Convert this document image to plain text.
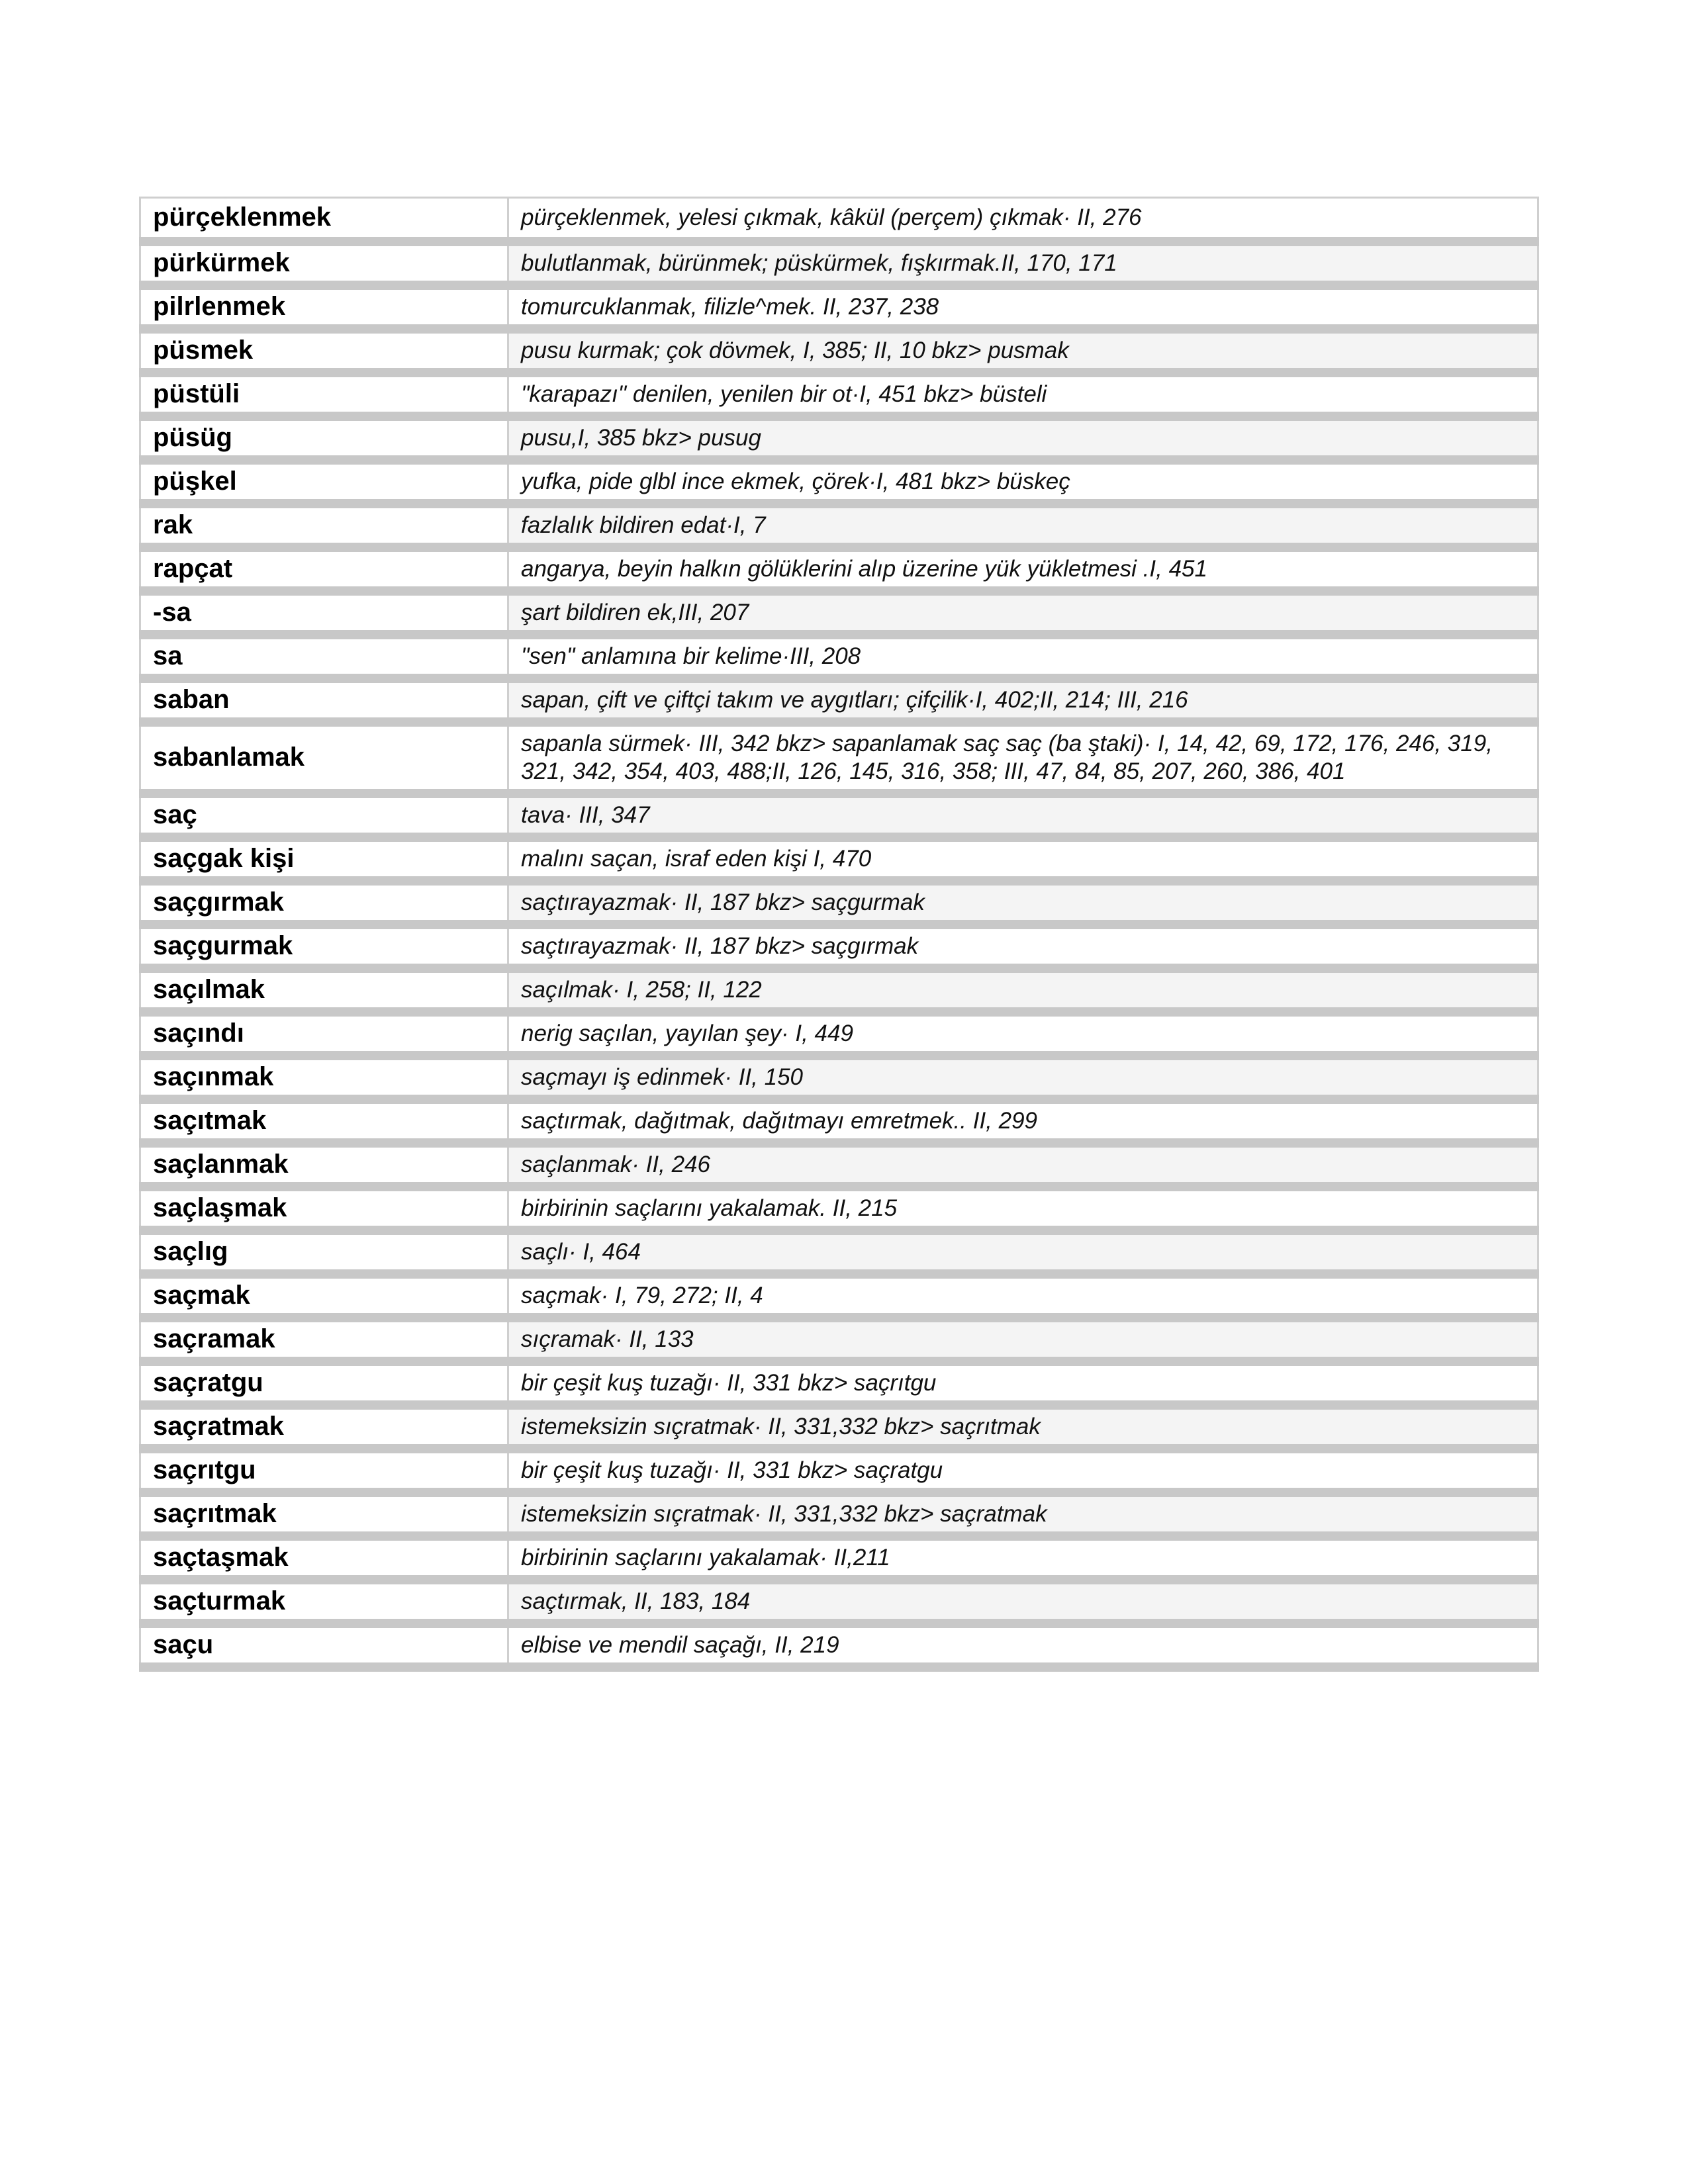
pürçeklenmek	pürçeklenmek, yelesi çıkmak, kâkül (perçem) çıkmak· II, 276
pürkürmek	bulutlanmak, bürünmek; püskürmek, fışkırmak.II, 170, 171
pilrlenmek	tomurcuklanmak, filizle^mek. II, 237, 238
püsmek	pusu kurmak; çok dövmek, I, 385; II, 10 bkz> pusmak
püstüli	"karapazı" denilen, yenilen bir ot·I, 451 bkz> büsteli
püsüg	pusu,I, 385 bkz> pusug
püşkel	yufka, pide glbl ince ekmek, çörek·I, 481 bkz> büskeç
rak	fazlalık bildiren edat·I, 7
rapçat	angarya, beyin halkın gölüklerini alıp üzerine yük yükletmesi .I, 451
-sa	şart bildiren ek,III, 207
sa	"sen" anlamına bir kelime·III, 208
saban	sapan, çift ve çiftçi takım ve aygıtları; çifçilik·I, 402;II, 214; III, 216
sabanlamak	sapanla sürmek· III, 342 bkz> sapanlamak saç saç (ba ştaki)· I, 14, 42, 69, 172, 176, 246, 319, 321, 342, 354, 403, 488;II, 126, 145, 316, 358; III, 47, 84, 85, 207, 260, 386, 401
saç	tava· III, 347
saçgak kişi	malını saçan, israf eden kişi I, 470
saçgırmak	saçtırayazmak· II, 187 bkz> saçgurmak
saçgurmak	saçtırayazmak· II, 187 bkz> saçgırmak
saçılmak	saçılmak· I, 258; II, 122
saçındı	nerig saçılan, yayılan şey· I, 449
saçınmak	saçmayı iş edinmek· II, 150
saçıtmak	saçtırmak, dağıtmak, dağıtmayı emretmek.. II, 299
saçlanmak	saçlanmak· II, 246
saçlaşmak	birbirinin saçlarını yakalamak. II, 215
saçlıg	saçlı· I, 464
saçmak	saçmak· I, 79, 272; II, 4
saçramak	sıçramak· II, 133
saçratgu	bir çeşit kuş tuzağı· II, 331 bkz> saçrıtgu
saçratmak	istemeksizin sıçratmak· II, 331,332 bkz> saçrıtmak
saçrıtgu	bir çeşit kuş tuzağı· II, 331 bkz> saçratgu
saçrıtmak	istemeksizin sıçratmak· II, 331,332 bkz> saçratmak
saçtaşmak	birbirinin saçlarını yakalamak· II,211
saçturmak	saçtırmak, II, 183, 184
saçu	elbise ve mendil saçağı, II, 219
